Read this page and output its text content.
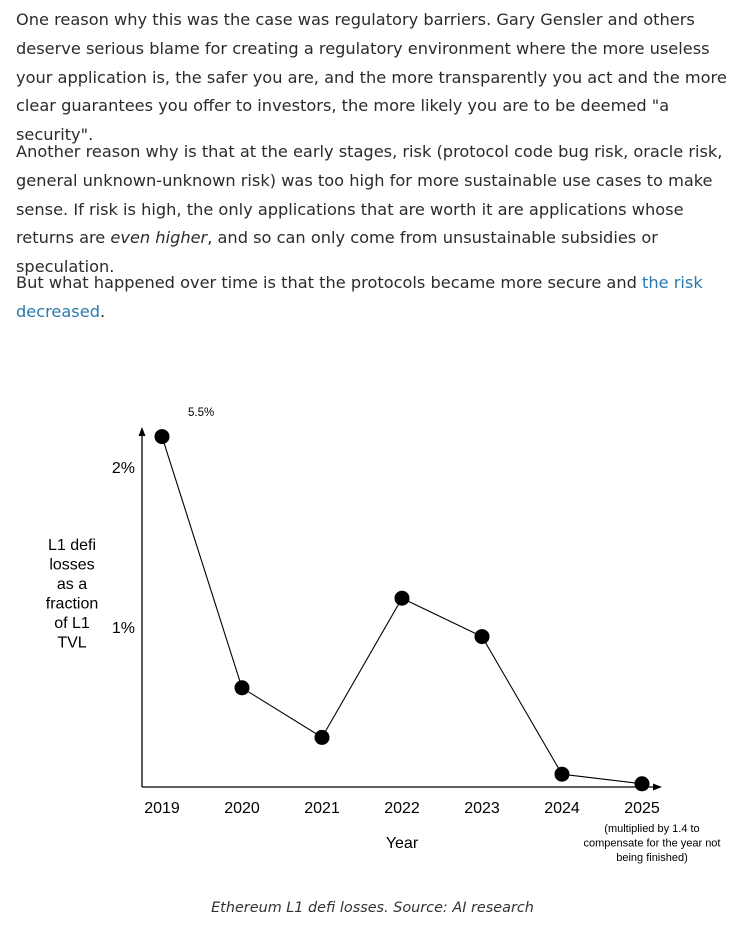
One reason why this was the case was regulatory barriers. Gary Gensler and others deserve serious blame for creating a regulatory environment where the more useless your application is, the safer you are, and the more transparently you act and the more clear guarantees you offer to investors, the more likely you are to be deemed "a security".

Another reason why is that at the early stages, risk (protocol code bug risk, oracle risk, general unknown-unknown risk) was too high for more sustainable use cases to make sense. If risk is high, the only applications that are worth it are applications whose returns are even higher, and so can only come from unsustainable subsidies or speculation.

But what happened over time is that the protocols became more secure and the risk decreased.

1%
2%
2019	2020	2021	2022	2023	2024	2025
5.5%
L1 defi
losses
as a
fraction
of L1
TVL
Year
(multiplied by 1.4 to
compensate for the year not
being finished)

Ethereum L1 defi losses. Source: AI research
